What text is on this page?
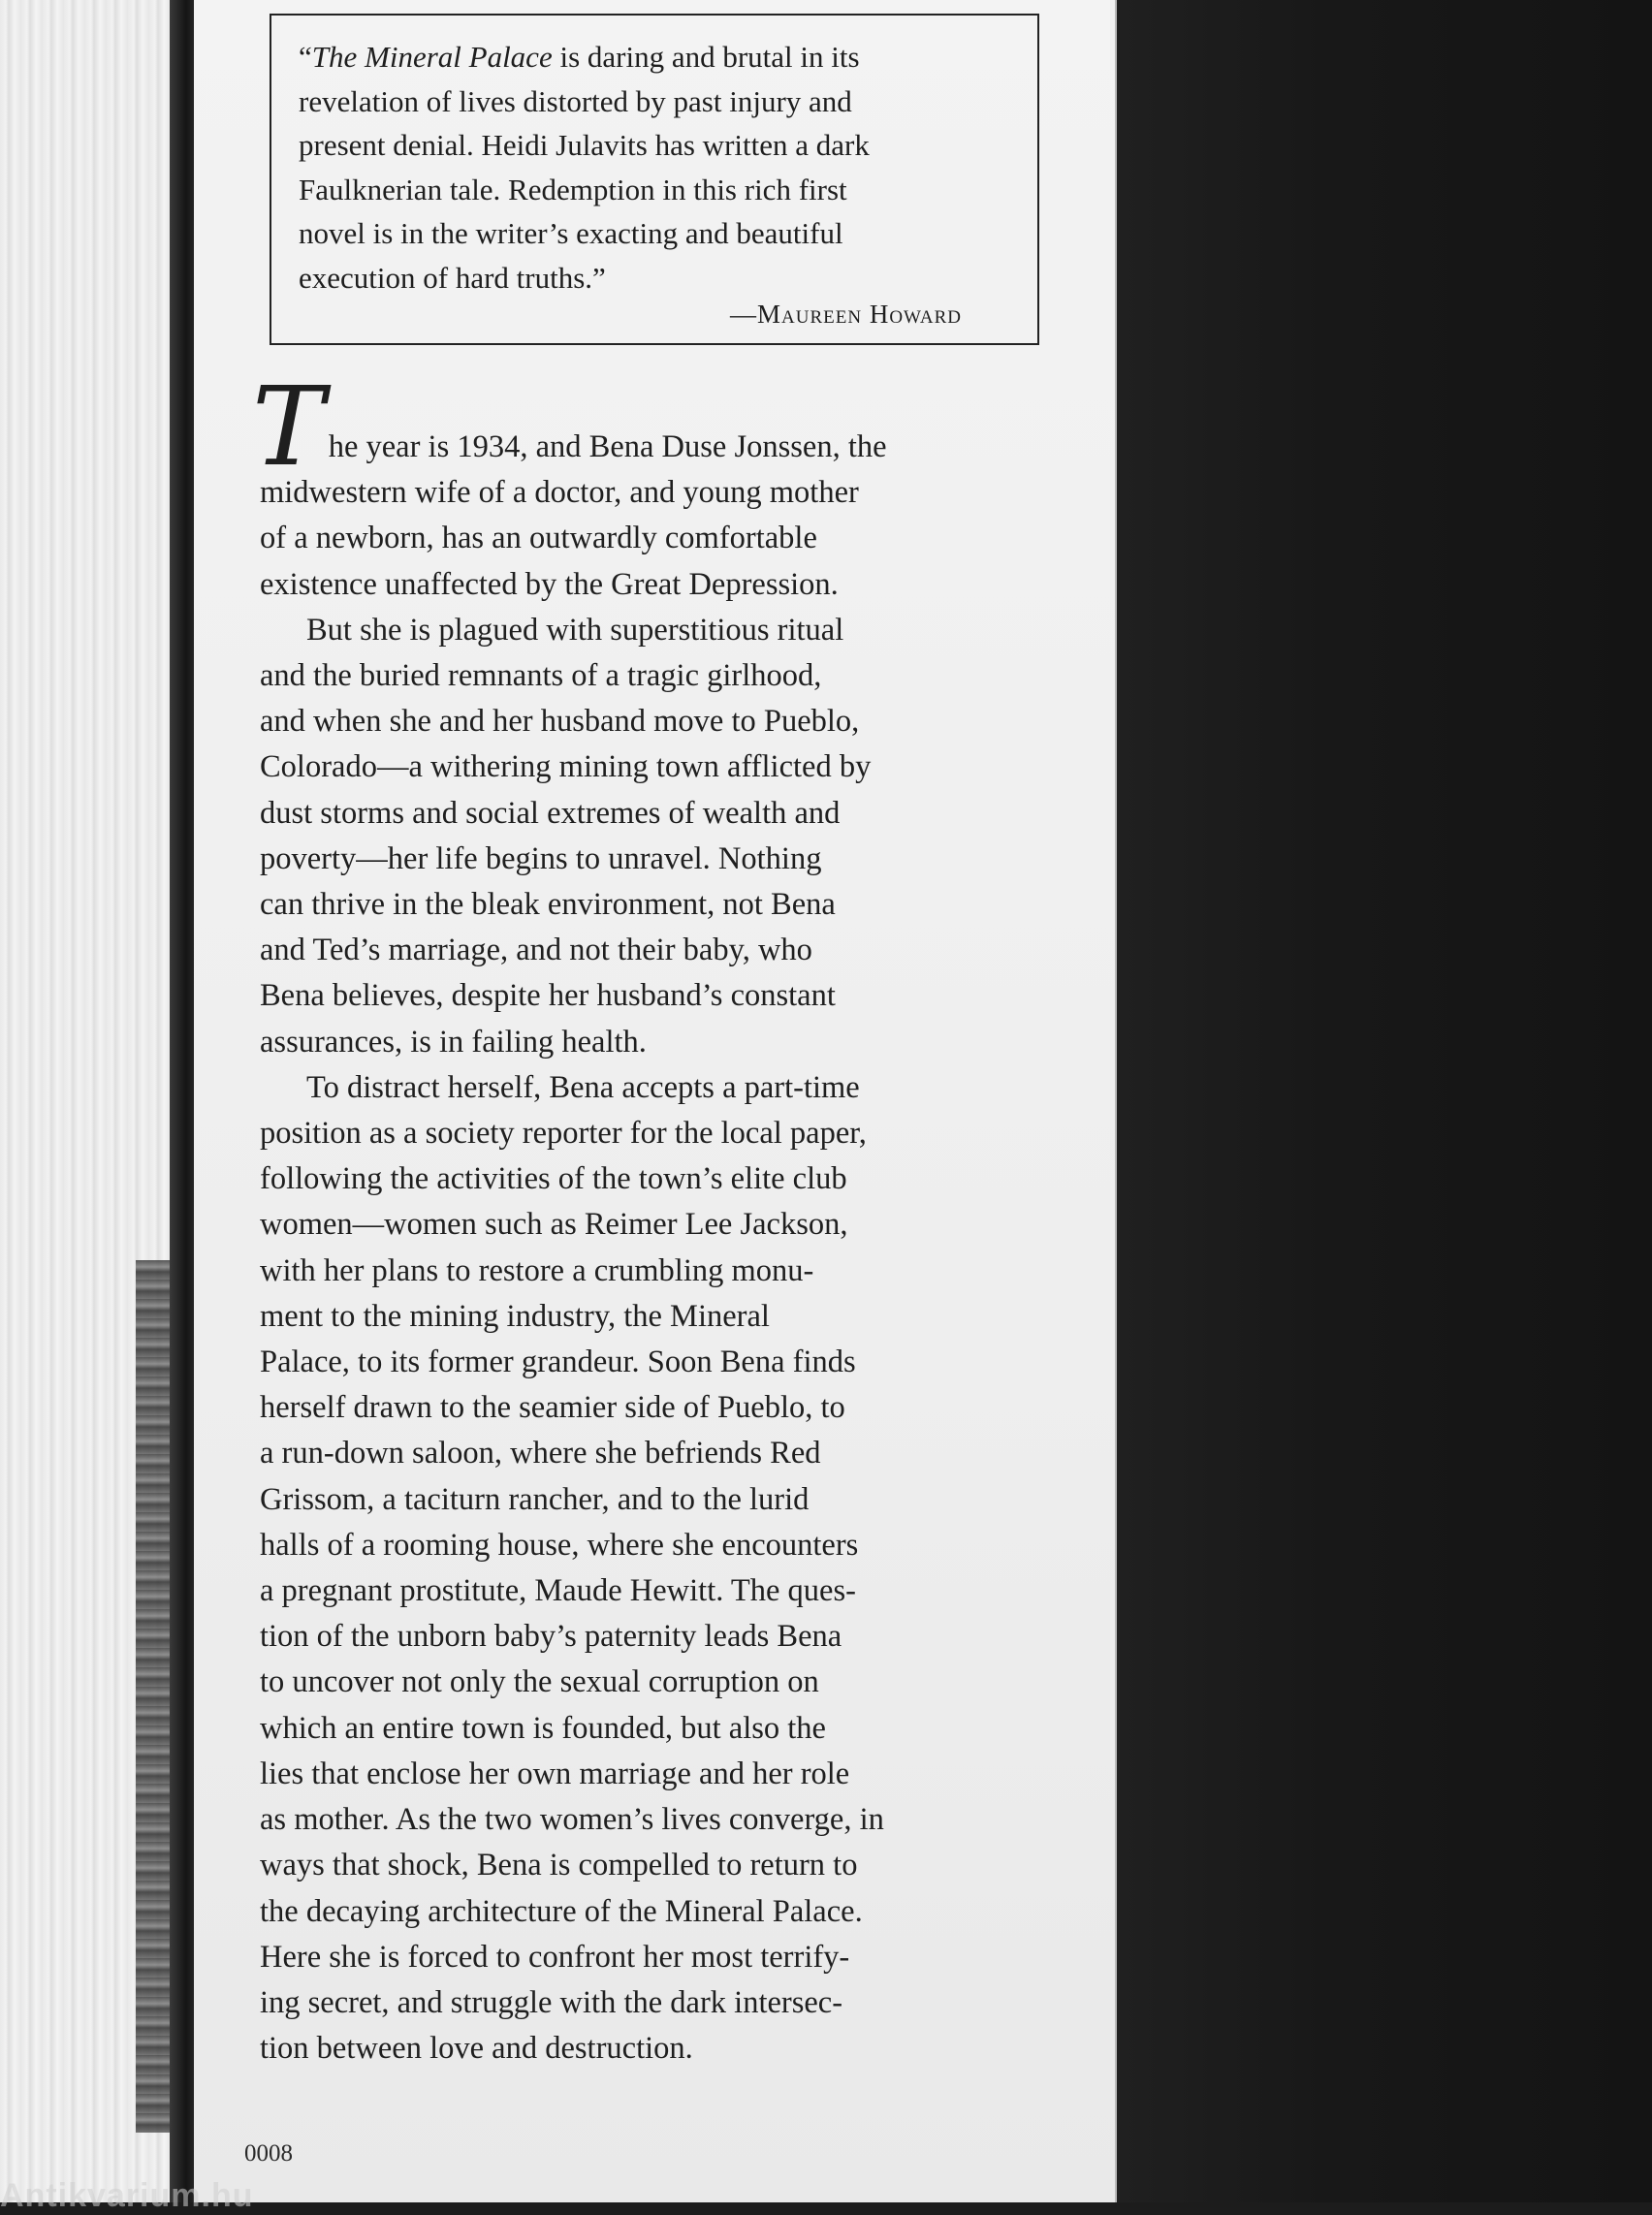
“The Mineral Palace is daring and brutal in its
revelation of lives distorted by past injury and
present denial. Heidi Julavits has written a dark
Faulknerian tale. Redemption in this rich first
novel is in the writer’s exacting and beautiful
execution of hard truths.”

—Maureen Howard

T he year is 1934, and Bena Duse Jonssen, the
midwestern wife of a doctor, and young mother
of a newborn, has an outwardly comfortable
existence unaffected by the Great Depression.

But she is plagued with superstitious ritual
and the buried remnants of a tragic girlhood,
and when she and her husband move to Pueblo,
Colorado—a withering mining town afflicted by
dust storms and social extremes of wealth and
poverty—her life begins to unravel. Nothing
can thrive in the bleak environment, not Bena
and Ted’s marriage, and not their baby, who
Bena believes, despite her husband’s constant
assurances, is in failing health.

To distract herself, Bena accepts a part-time
position as a society reporter for the local paper,
following the activities of the town’s elite club
women—women such as Reimer Lee Jackson,
with her plans to restore a crumbling monu-
ment to the mining industry, the Mineral
Palace, to its former grandeur. Soon Bena finds
herself drawn to the seamier side of Pueblo, to
a run-down saloon, where she befriends Red
Grissom, a taciturn rancher, and to the lurid
halls of a rooming house, where she encounters
a pregnant prostitute, Maude Hewitt. The ques-
tion of the unborn baby’s paternity leads Bena
to uncover not only the sexual corruption on
which an entire town is founded, but also the
lies that enclose her own marriage and her role
as mother. As the two women’s lives converge, in
ways that shock, Bena is compelled to return to
the decaying architecture of the Mineral Palace.
Here she is forced to confront her most terrify-
ing secret, and struggle with the dark intersec-
tion between love and destruction.

0008
Antikvarium.hu
